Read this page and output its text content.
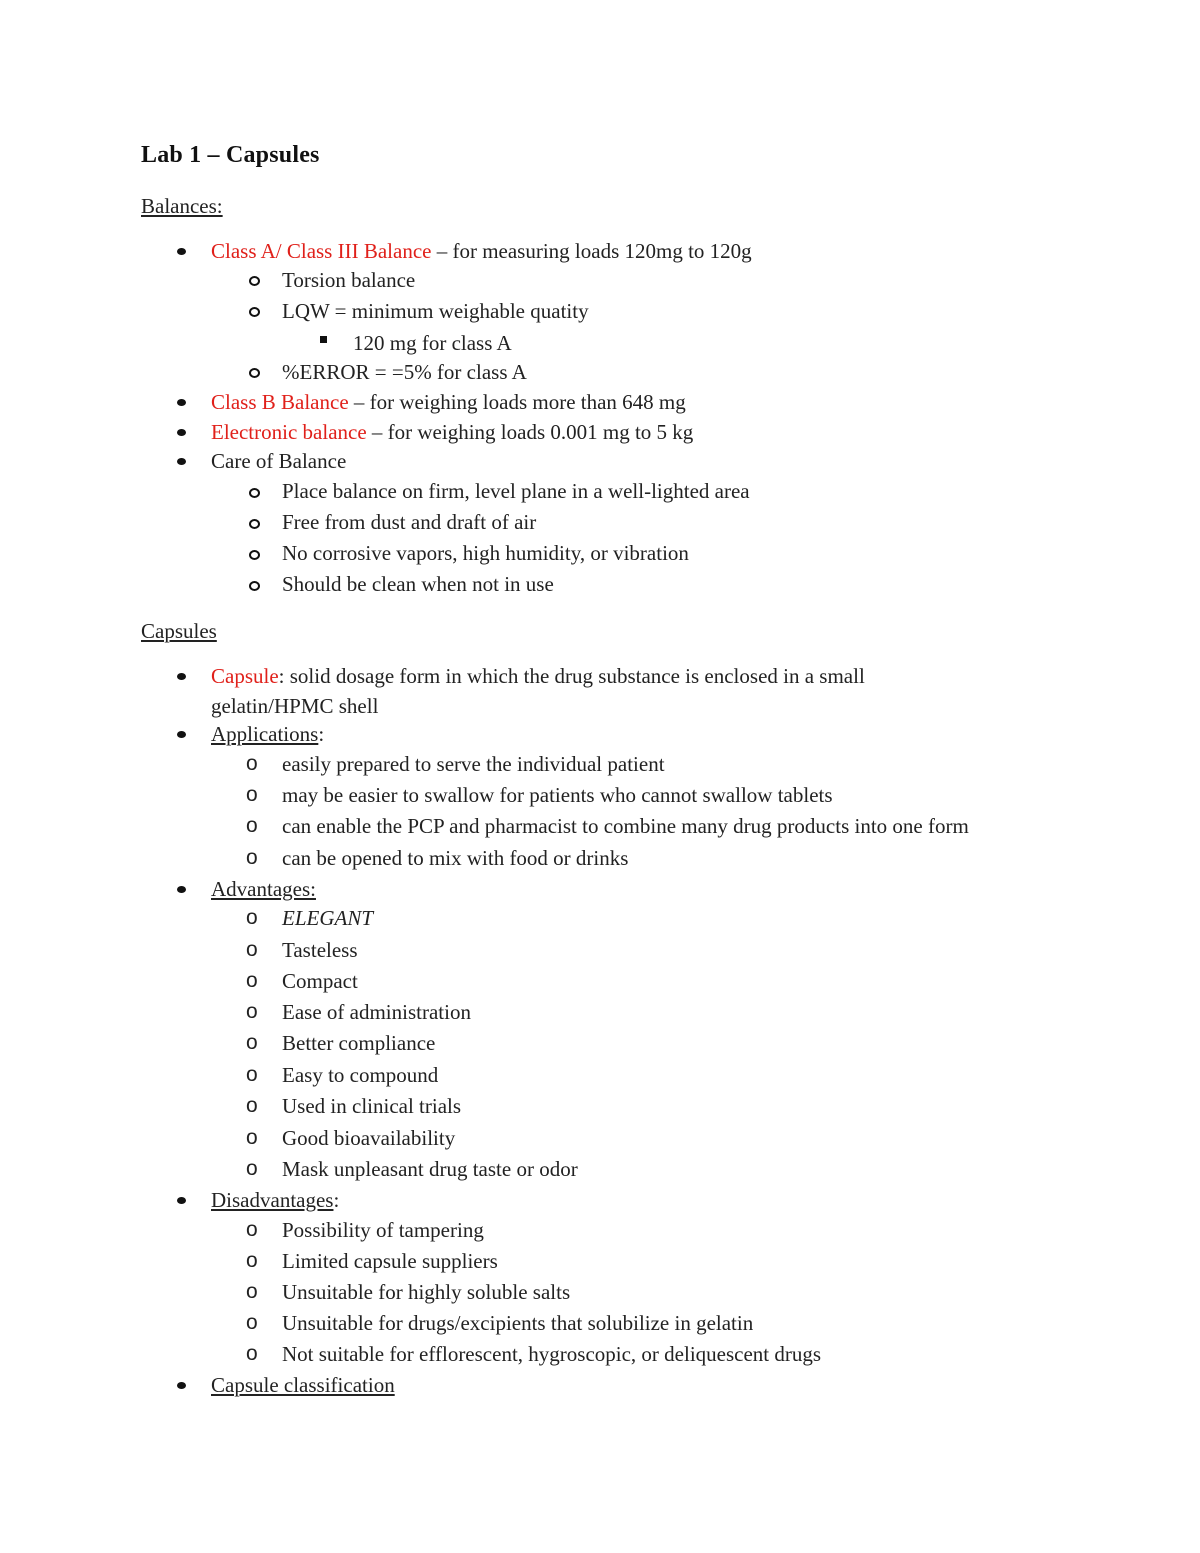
Lab 1 – Capsules
Balances:
Class A/ Class III Balance – for measuring loads 120mg to 120g
Torsion balance
LQW = minimum weighable quatity
120 mg for class A
%ERROR = =5% for class A
Class B Balance – for weighing loads more than 648 mg
Electronic balance – for weighing loads 0.001 mg to 5 kg
Care of Balance
Place balance on firm, level plane in a well-lighted area
Free from dust and draft of air
No corrosive vapors, high humidity, or vibration
Should be clean when not in use
Capsules
Capsule: solid dosage form in which the drug substance is enclosed in a small
gelatin/HPMC shell
Applications:
o easily prepared to serve the individual patient
o may be easier to swallow for patients who cannot swallow tablets
o can enable the PCP and pharmacist to combine many drug products into one form
o can be opened to mix with food or drinks
Advantages:
o ELEGANT
o Tasteless
o Compact
o Ease of administration
o Better compliance
o Easy to compound
o Used in clinical trials
o Good bioavailability
o Mask unpleasant drug taste or odor
Disadvantages:
o Possibility of tampering
o Limited capsule suppliers
o Unsuitable for highly soluble salts
o Unsuitable for drugs/excipients that solubilize in gelatin
o Not suitable for efflorescent, hygroscopic, or deliquescent drugs
Capsule classification
